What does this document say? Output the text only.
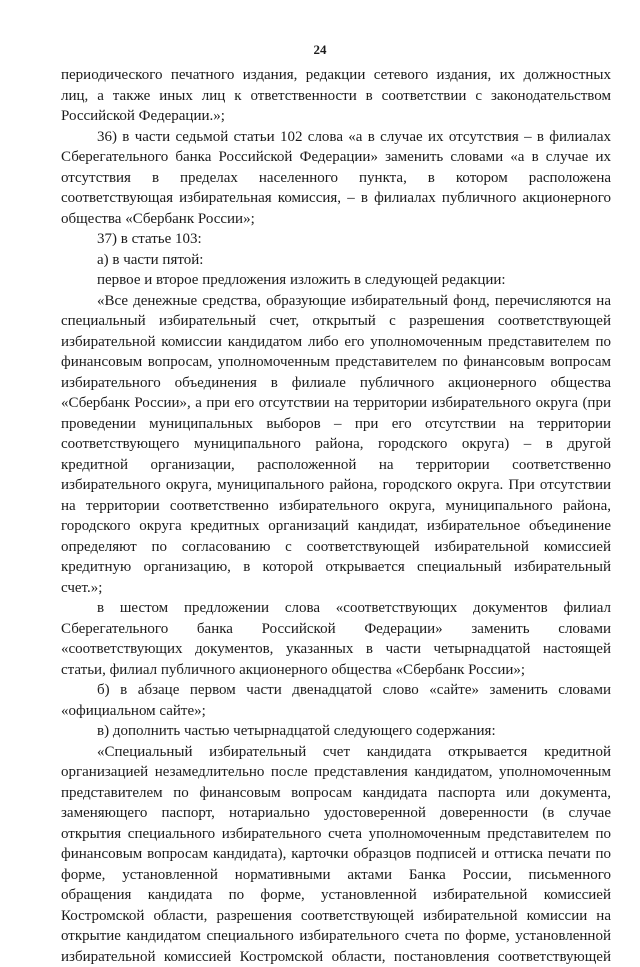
24
периодического печатного издания, редакции сетевого издания, их должностных
лиц, а также иных лиц к ответственности в соответствии с законодательством
Российской Федерации.»;
36) в части седьмой статьи 102 слова «а в случае их отсутствия – в филиалах
Сберегательного банка Российской Федерации» заменить словами «а в случае их
отсутствия в пределах населенного пункта, в котором расположена
соответствующая избирательная комиссия, – в филиалах публичного акционерного
общества «Сбербанк России»;
37) в статье 103:
а) в части пятой:
первое и второе предложения изложить в следующей редакции:
«Все денежные средства, образующие избирательный фонд, перечисляются на
специальный избирательный счет, открытый с разрешения соответствующей
избирательной комиссии кандидатом либо его уполномоченным представителем по
финансовым вопросам, уполномоченным представителем по финансовым вопросам
избирательного объединения в филиале публичного акционерного общества
«Сбербанк России», а при его отсутствии на территории избирательного округа (при
проведении муниципальных выборов – при его отсутствии на территории
соответствующего муниципального района, городского округа) – в другой
кредитной организации, расположенной на территории соответственно
избирательного округа, муниципального района, городского округа. При отсутствии
на территории соответственно избирательного округа, муниципального района,
городского округа кредитных организаций кандидат, избирательное объединение
определяют по согласованию с соответствующей избирательной комиссией
кредитную организацию, в которой открывается специальный избирательный
счет.»;
в шестом предложении слова «соответствующих документов филиал
Сберегательного банка Российской Федерации» заменить словами
«соответствующих документов, указанных в части четырнадцатой настоящей
статьи, филиал публичного акционерного общества «Сбербанк России»;
б) в абзаце первом части двенадцатой слово «сайте» заменить словами
«официальном сайте»;
в) дополнить частью четырнадцатой следующего содержания:
«Специальный избирательный счет кандидата открывается кредитной
организацией незамедлительно после представления кандидатом, уполномоченным
представителем по финансовым вопросам кандидата паспорта или документа,
заменяющего паспорт, нотариально удостоверенной доверенности (в случае
открытия специального избирательного счета уполномоченным представителем по
финансовым вопросам кандидата), карточки образцов подписей и оттиска печати по
форме, установленной нормативными актами Банка России, письменного
обращения кандидата по форме, установленной избирательной комиссией
Костромской области, разрешения соответствующей избирательной комиссии на
открытие кандидатом специального избирательного счета по форме, установленной
избирательной комиссией Костромской области, постановления соответствующей
